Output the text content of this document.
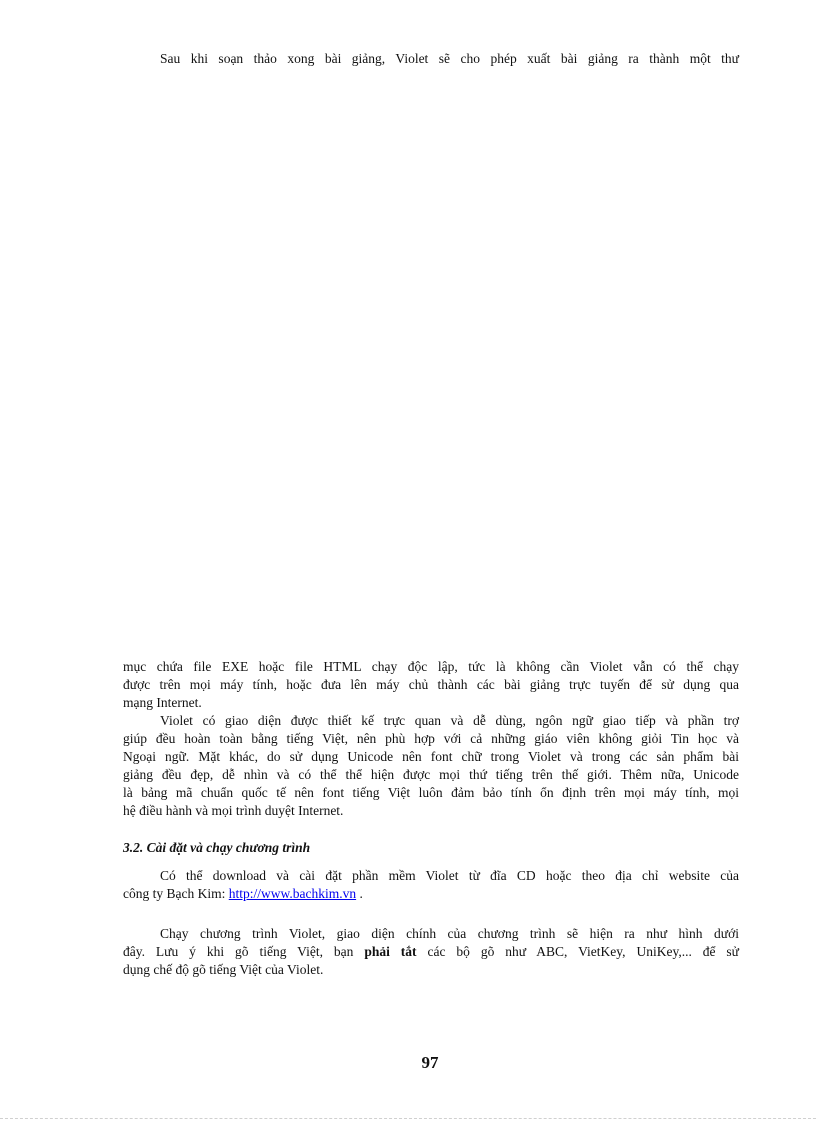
Sau khi soạn thảo xong bài giảng, Violet sẽ cho phép xuất bài giảng ra thành một thư

mục chứa file EXE hoặc file HTML chạy độc lập, tức là không cần Violet vẫn có thể chạy

được trên mọi máy tính, hoặc đưa lên máy chủ thành các bài giảng trực tuyến để sử dụng qua

mạng Internet.

Violet có giao diện được thiết kế trực quan và dễ dùng, ngôn ngữ giao tiếp và phần trợ

giúp đều hoàn toàn bằng tiếng Việt, nên phù hợp với cả những giáo viên không giỏi Tin học và

Ngoại ngữ. Mặt khác, do sử dụng Unicode nên font chữ trong Violet và trong các sản phẩm bài

giảng đều đẹp, dễ nhìn và có thể thể hiện được mọi thứ tiếng trên thế giới. Thêm nữa, Unicode

là bảng mã chuẩn quốc tế nên font tiếng Việt luôn đảm bảo tính ổn định trên mọi máy tính, mọi

hệ điều hành và mọi trình duyệt Internet.

3.2. Cài đặt và chạy chương trình

Có thể download và cài đặt phần mềm Violet từ đĩa CD hoặc theo địa chỉ website của

công ty Bạch Kim: http://www.bachkim.vn .

Chạy chương trình Violet, giao diện chính của chương trình sẽ hiện ra như hình dưới

đây. Lưu ý khi gõ tiếng Việt, bạn phải tắt các bộ gõ như ABC, VietKey, UniKey,... để sử

dụng chế độ gõ tiếng Việt của Violet.

97
